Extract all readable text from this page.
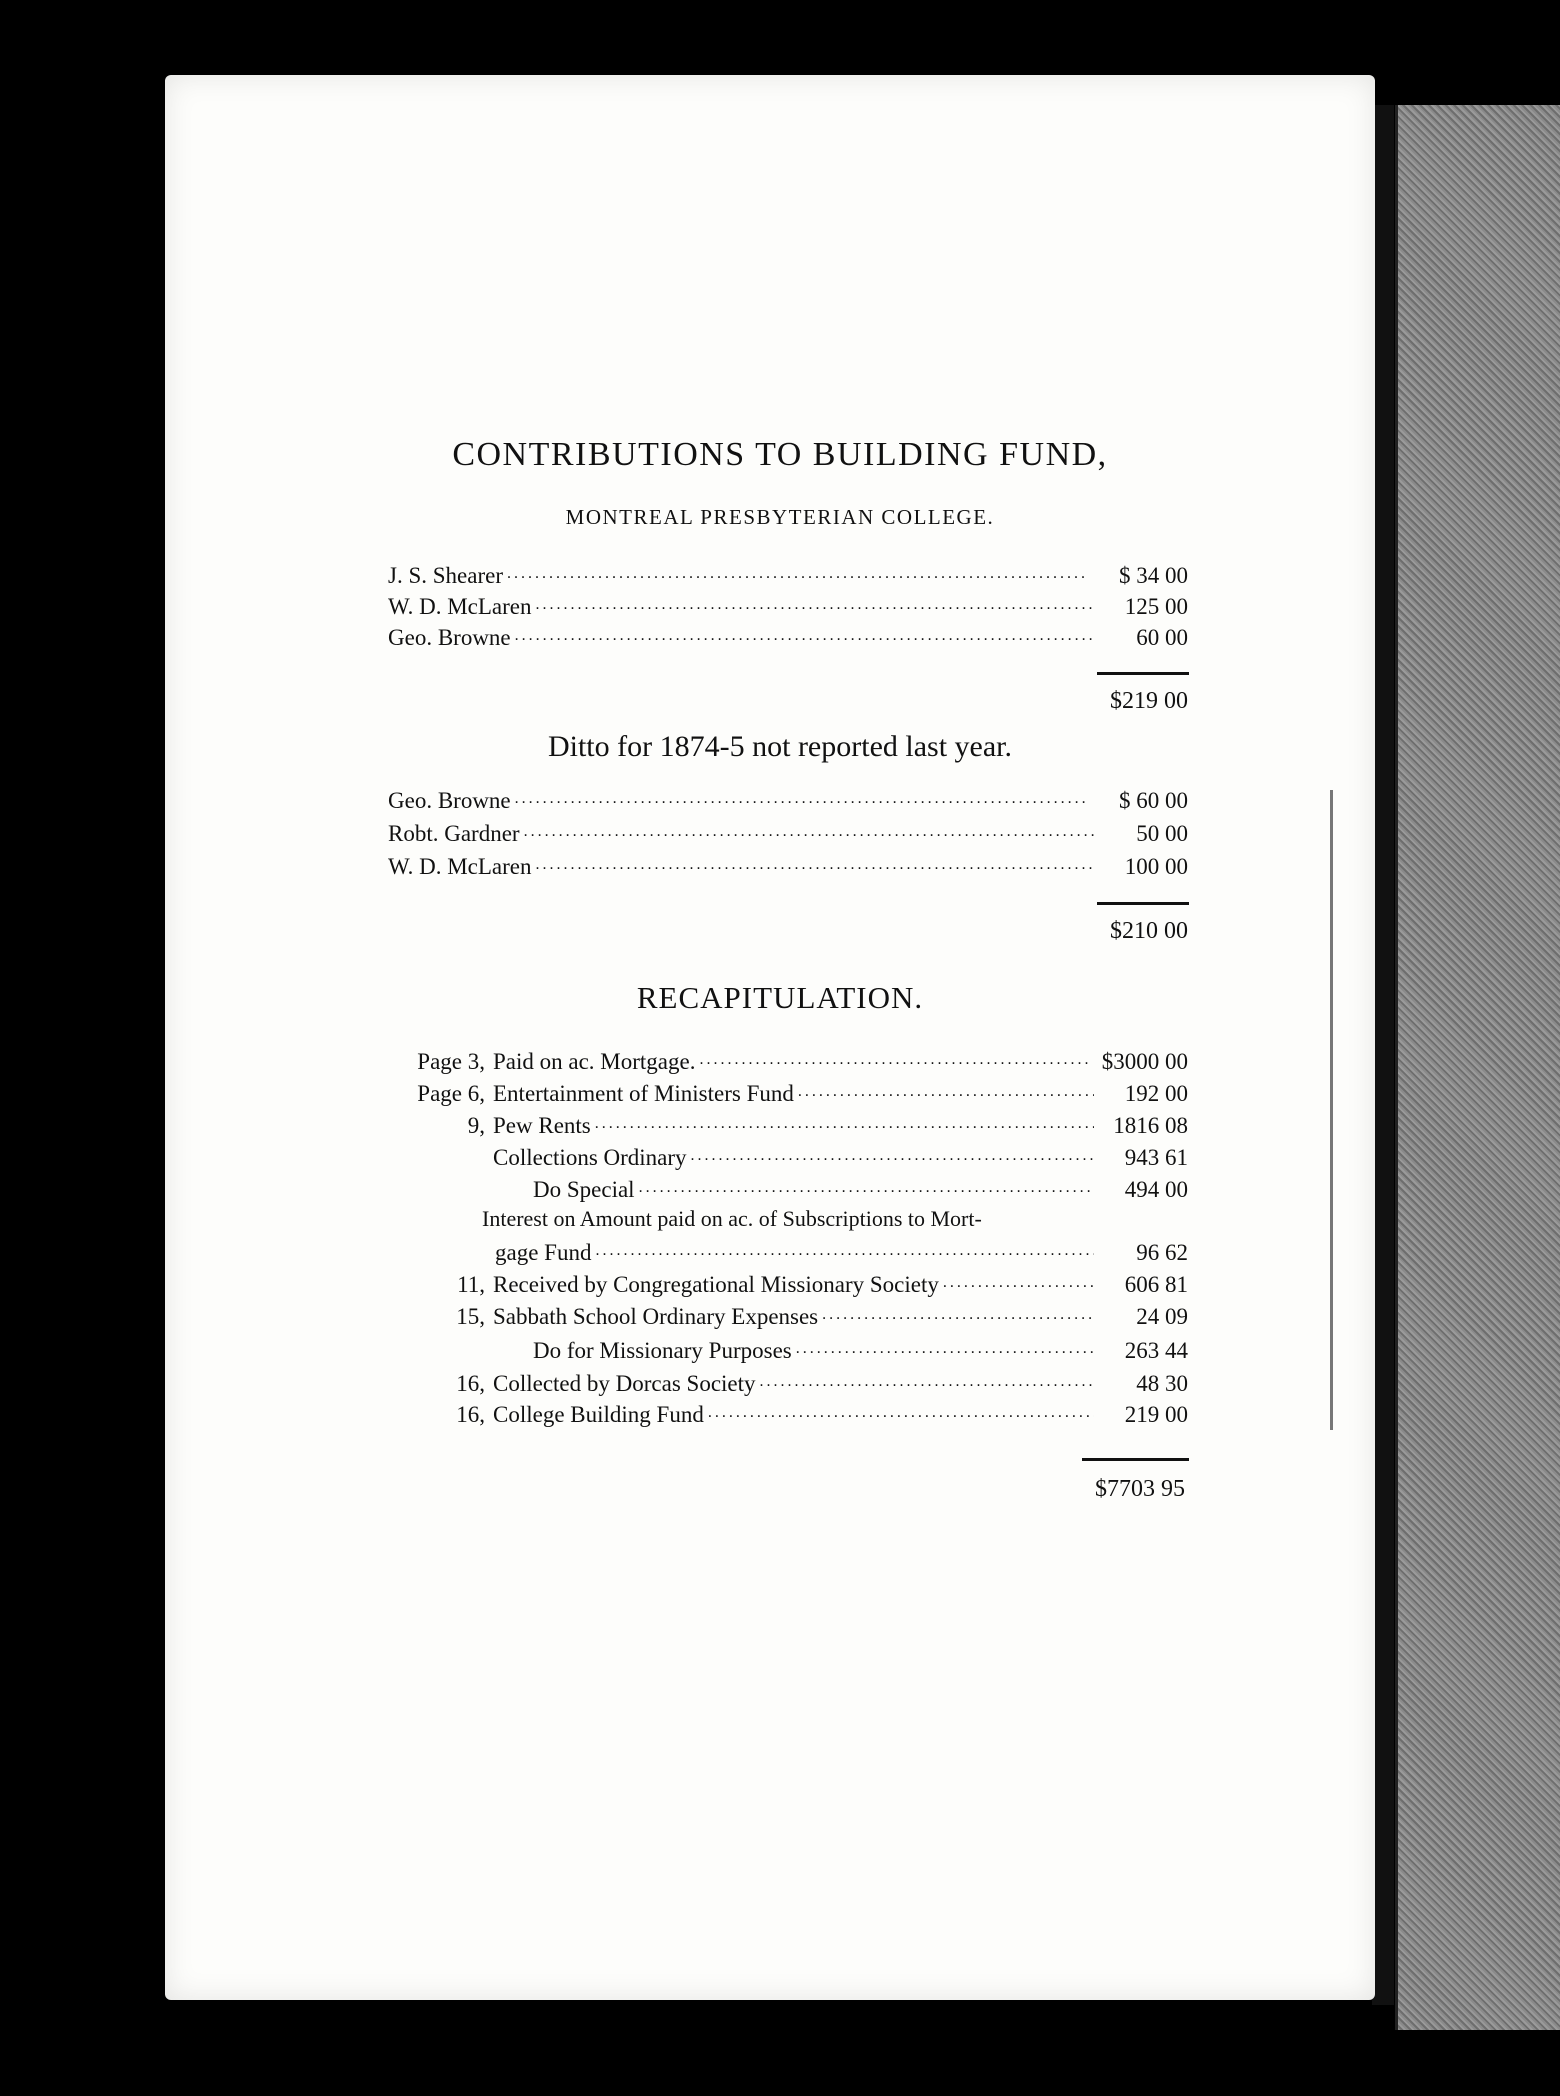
CONTRIBUTIONS TO BUILDING FUND,
MONTREAL PRESBYTERIAN COLLEGE.
J. S. Shearer .....	$ 34 00
W. D. McLaren .....	125 00
Geo. Browne .....	60 00
$219 00
Ditto for 1874-5 not reported last year.
Geo. Browne .....	$ 60 00
Robt. Gardner .....	50 00
W. D. McLaren .....	100 00
$210 00
RECAPITULATION.
Page 3, Paid on ac. Mortgage. .....	$3000 00
Page 6, Entertainment of Ministers Fund .....	192 00
9, Pew Rents .....	1816 08
Collections Ordinary .....	943 61
Do Special .....	494 00
Interest on Amount paid on ac. of Subscriptions to Mort-
gage Fund .....	96 62
11, Received by Congregational Missionary Society .....	606 81
15, Sabbath School Ordinary Expenses .....	24 09
Do for Missionary Purposes .....	263 44
16, Collected by Dorcas Society .....	48 30
16, College Building Fund .....	219 00
$7703 95
